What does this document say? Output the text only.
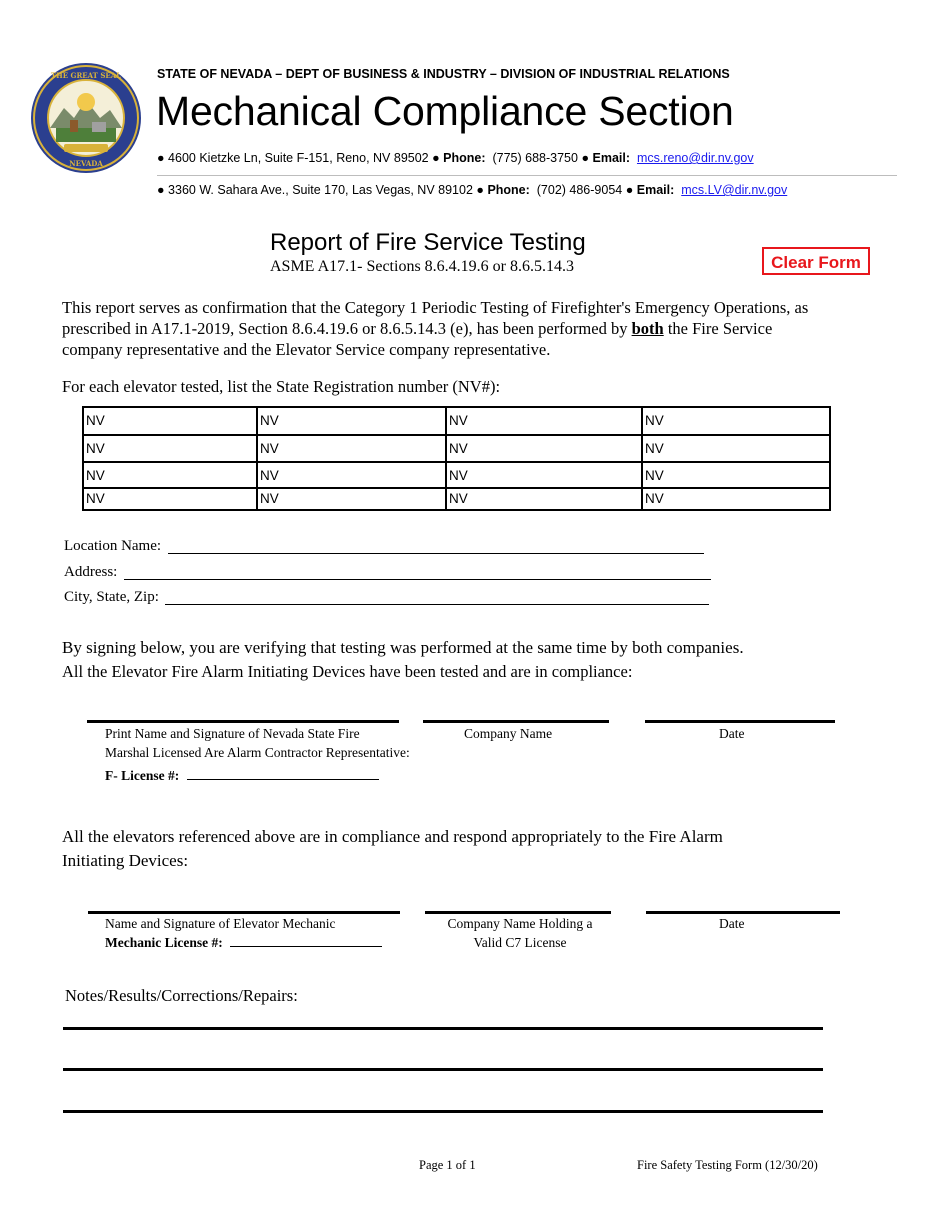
THE GREAT SEAL
NEVADA
STATE OF NEVADA – DEPT OF BUSINESS & INDUSTRY – DIVISION OF INDUSTRIAL RELATIONS
Mechanical Compliance Section
● 4600 Kietzke Ln, Suite F-151, Reno, NV 89502 ● Phone: (775) 688-3750 ● Email: mcs.reno@dir.nv.gov
● 3360 W. Sahara Ave., Suite 170, Las Vegas, NV 89102 ● Phone: (702) 486-9054 ● Email: mcs.LV@dir.nv.gov
Report of Fire Service Testing
ASME A17.1- Sections 8.6.4.19.6 or 8.6.5.14.3	Clear Form
This report serves as confirmation that the Category 1 Periodic Testing of Firefighter's Emergency Operations, as prescribed in A17.1-2019, Section 8.6.4.19.6 or 8.6.5.14.3 (e), has been performed by both the Fire Service company representative and the Elevator Service company representative.
For each elevator tested, list the State Registration number (NV#):
NV	NV	NV	NV
NV	NV	NV	NV
NV	NV	NV	NV
NV	NV	NV	NV
Location Name:
Address:
City, State, Zip:
By signing below, you are verifying that testing was performed at the same time by both companies.
All the Elevator Fire Alarm Initiating Devices have been tested and are in compliance:
Print Name and Signature of Nevada State Fire
Marshal Licensed Are Alarm Contractor Representative:
F- License #:
Company Name	Date
All the elevators referenced above are in compliance and respond appropriately to the Fire Alarm
Initiating Devices:
Name and Signature of Elevator Mechanic
Mechanic License #:
Company Name Holding a
Valid C7 License
Date
Notes/Results/Corrections/Repairs:
Page 1 of 1	Fire Safety Testing Form (12/30/20)
